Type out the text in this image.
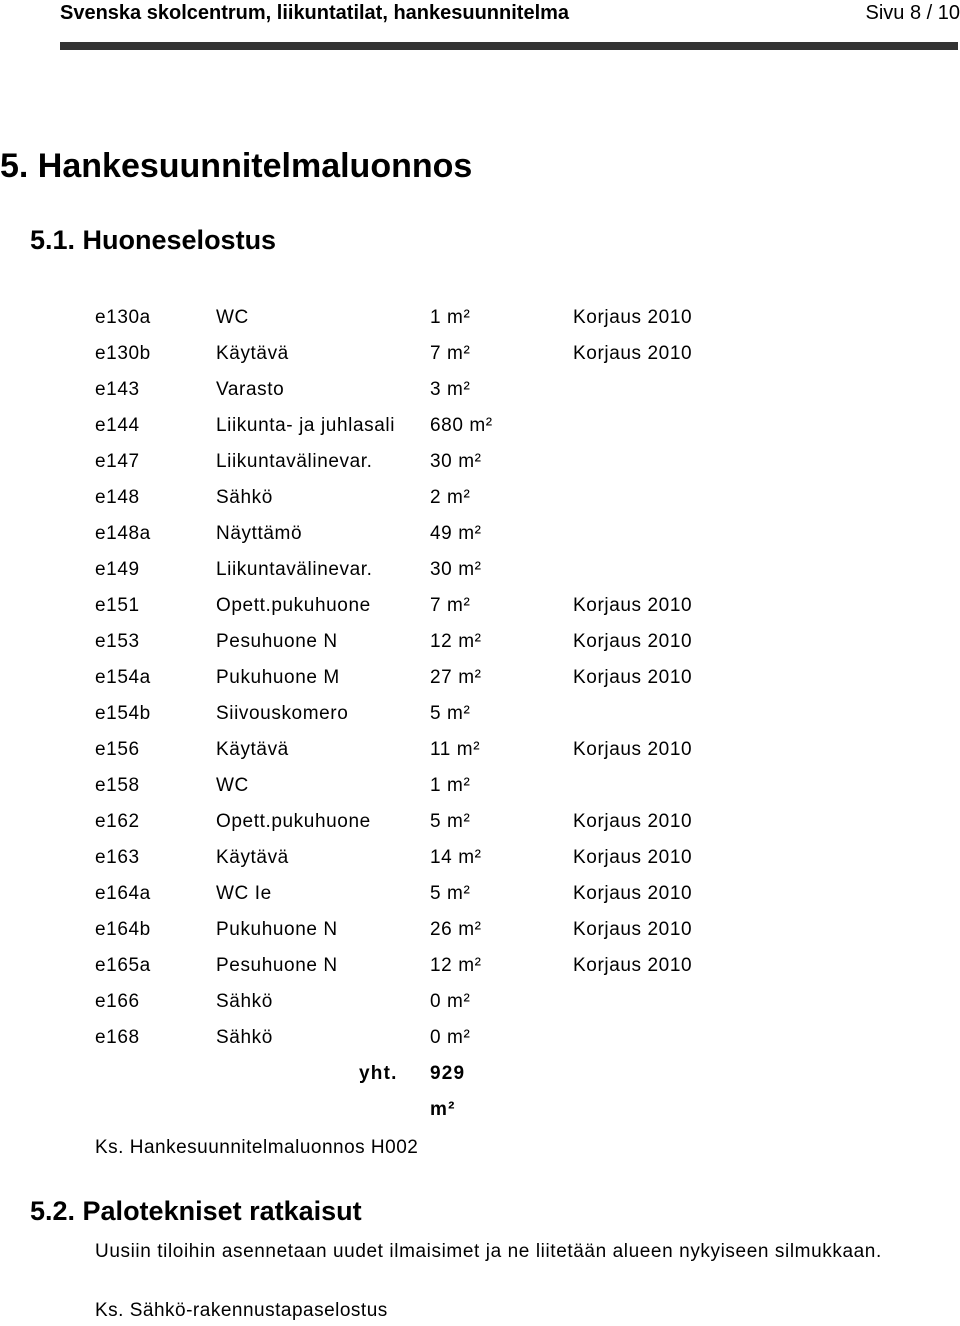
Svenska skolcentrum, liikuntatilat, hankesuunnitelma	Sivu 8 / 10
5. Hankesuunnitelmaluonnos
5.1. Huoneselostus
e130a	WC	1 m²	Korjaus 2010
e130b	Käytävä	7 m²	Korjaus 2010
e143	Varasto	3 m²
e144	Liikunta- ja juhlasali 680 m²
e147	Liikuntavälinevar.	30 m²
e148	Sähkö	2 m²
e148a	Näyttämö	49 m²
e149	Liikuntavälinevar.	30 m²
e151	Opett.pukuhuone	7 m²	Korjaus 2010
e153	Pesuhuone N	12 m²	Korjaus 2010
e154a	Pukuhuone M	27 m²	Korjaus 2010
e154b	Siivouskomero	5 m²
e156	Käytävä	11 m²	Korjaus 2010
e158	WC	1 m²
e162	Opett.pukuhuone	5 m²	Korjaus 2010
e163	Käytävä	14 m²	Korjaus 2010
e164a	WC Ie	5 m²	Korjaus 2010
e164b	Pukuhuone N	26 m²	Korjaus 2010
e165a	Pesuhuone N	12 m²	Korjaus 2010
e166	Sähkö	0 m²
e168	Sähkö	0 m²
yht. 929 m²
Ks. Hankesuunnitelmaluonnos H002
5.2. Palotekniset ratkaisut
Uusiin tiloihin asennetaan uudet ilmaisimet ja ne liitetään alueen nykyiseen silmukkaan.
Ks. Sähkö-rakennustapaselostus
